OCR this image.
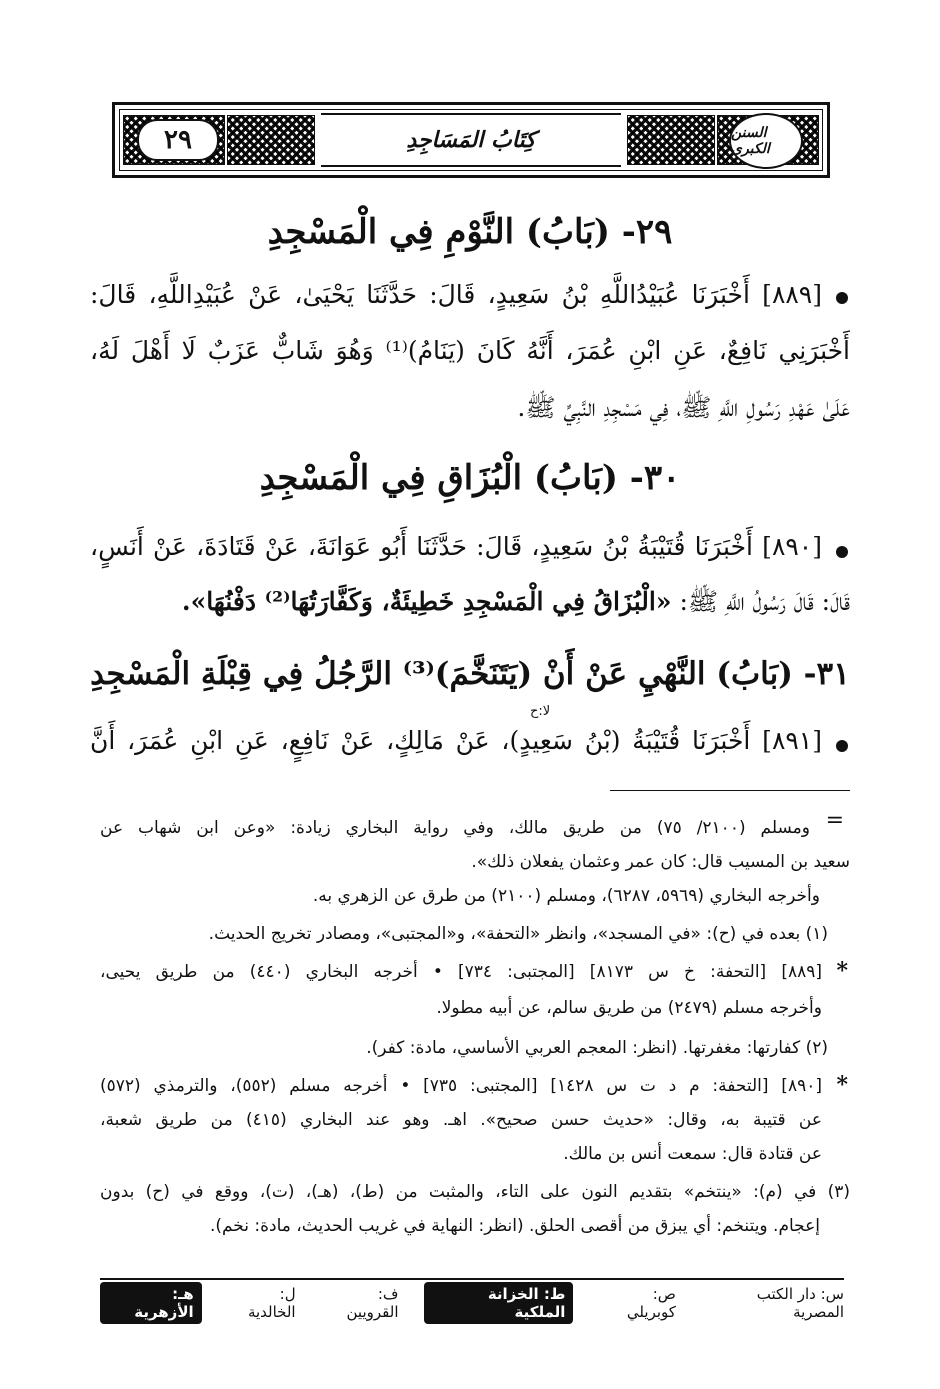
٢٩	السنن الكبرى
كِتَابُ المَسَاجِدِ
٢٩- (بَابُ) النَّوْمِ فِي الْمَسْجِدِ
[٨٨٩] أَخْبَرَنَا عُبَيْدُاللَّهِ بْنُ سَعِيدٍ، قَالَ: حَدَّثَنَا يَحْيَىٰ، عَنْ عُبَيْدِاللَّهِ، قَالَ:
أَخْبَرَنِي نَافِعٌ، عَنِ ابْنِ عُمَرَ، أَنَّهُ كَانَ (يَنَامُ)⁽¹⁾ وَهُوَ شَابٌّ عَزَبٌ لَا أَهْلَ لَهُ،
عَلَىٰ عَهْدِ رَسُولِ اللَّهِ ﷺ، فِي مَسْجِدِ النَّبِيِّ ﷺ.
٣٠- (بَابُ) الْبُزَاقِ فِي الْمَسْجِدِ
[٨٩٠] أَخْبَرَنَا قُتَيْبَةُ بْنُ سَعِيدٍ، قَالَ: حَدَّثَنَا أَبُو عَوَانَةَ، عَنْ قَتَادَةَ، عَنْ أَنَسٍ،
قَالَ: قَالَ رَسُولُ اللَّهِ ﷺ: «الْبُزَاقُ فِي الْمَسْجِدِ خَطِيئَةٌ، وَكَفَّارَتُهَا⁽²⁾ دَفْنُهَا».
٣١- (بَابُ) النَّهْيِ عَنْ أَنْ (يَتَنَخَّمَ)⁽³⁾ الرَّجُلُ فِي قِبْلَةِ الْمَسْجِدِ
لا:ح
[٨٩١] أَخْبَرَنَا قُتَيْبَةُ (بْنُ سَعِيدٍ)، عَنْ مَالِكٍ، عَنْ نَافِعٍ، عَنِ ابْنِ عُمَرَ، أَنَّ
=
ومسلم (٢١٠٠/ ٧٥) من طريق مالك، وفي رواية البخاري زيادة: «وعن ابن شهاب عن
سعيد بن المسيب قال: كان عمر وعثمان يفعلان ذلك».
وأخرجه البخاري (٥٩٦٩، ٦٢٨٧)، ومسلم (٢١٠٠) من طرق عن الزهري به.
(١) بعده في (ح): «في المسجد»، وانظر «التحفة»، و«المجتبى»، ومصادر تخريج الحديث.
*
[٨٨٩] [التحفة: خ س ٨١٧٣] [المجتبى: ٧٣٤] • أخرجه البخاري (٤٤٠) من طريق يحيى،
وأخرجه مسلم (٢٤٧٩) من طريق سالم، عن أبيه مطولا.
(٢) كفارتها: مغفرتها. (انظر: المعجم العربي الأساسي، مادة: كفر).
*
[٨٩٠] [التحفة: م د ت س ١٤٢٨] [المجتبى: ٧٣٥] • أخرجه مسلم (٥٥٢)، والترمذي (٥٧٢)
عن قتيبة به، وقال: «حديث حسن صحيح». اهـ. وهو عند البخاري (٤١٥) من طريق شعبة،
عن قتادة قال: سمعت أنس بن مالك.
(٣) في (م): «ينتخم» بتقديم النون على التاء، والمثبت من (ط)، (هـ)، (ت)، ووقع في (ح) بدون
إعجام. ويتنخم: أي يبزق من أقصى الحلق. (انظر: النهاية في غريب الحديث، مادة: نخم).
س: دار الكتب المصرية
ص: كوبريلي
ط: الخزانة الملكية
ف: القرويين
ل: الخالدية
هـ: الأزهرية
